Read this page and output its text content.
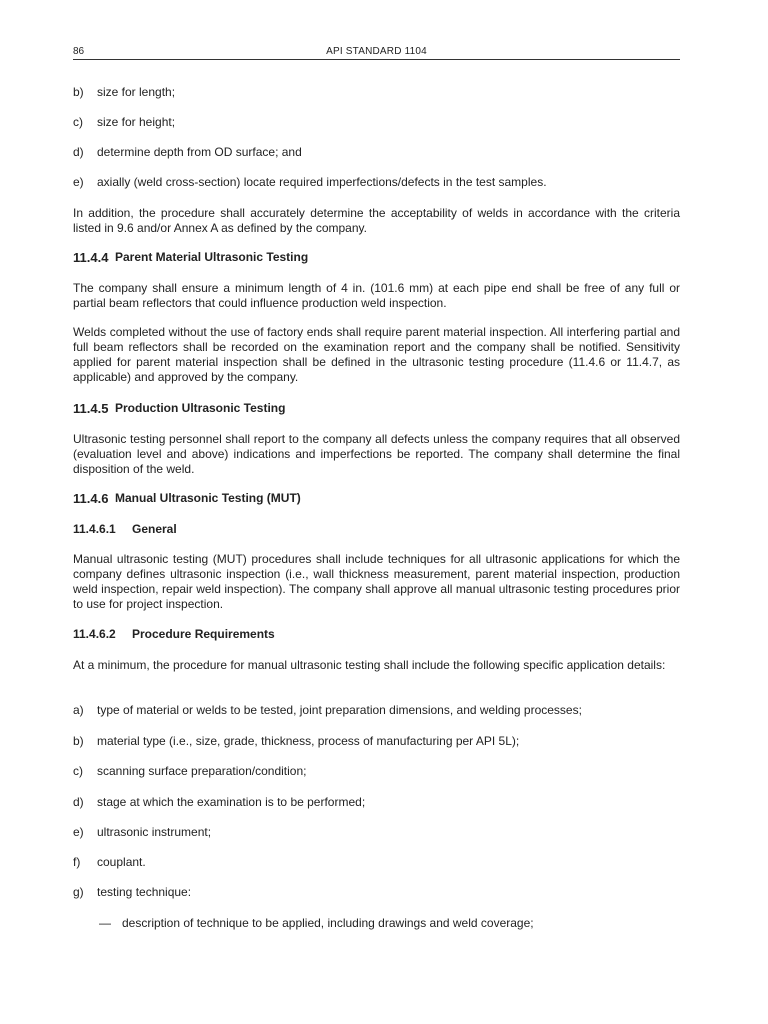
86	API STANDARD 1104
b) size for length;
c) size for height;
d) determine depth from OD surface; and
e) axially (weld cross-section) locate required imperfections/defects in the test samples.
In addition, the procedure shall accurately determine the acceptability of welds in accordance with the criteria listed in 9.6 and/or Annex A as defined by the company.
11.4.4 Parent Material Ultrasonic Testing
The company shall ensure a minimum length of 4 in. (101.6 mm) at each pipe end shall be free of any full or partial beam reflectors that could influence production weld inspection.
Welds completed without the use of factory ends shall require parent material inspection. All interfering partial and full beam reflectors shall be recorded on the examination report and the company shall be notified. Sensitivity applied for parent material inspection shall be defined in the ultrasonic testing procedure (11.4.6 or 11.4.7, as applicable) and approved by the company.
11.4.5 Production Ultrasonic Testing
Ultrasonic testing personnel shall report to the company all defects unless the company requires that all observed (evaluation level and above) indications and imperfections be reported. The company shall determine the final disposition of the weld.
11.4.6 Manual Ultrasonic Testing (MUT)
11.4.6.1 General
Manual ultrasonic testing (MUT) procedures shall include techniques for all ultrasonic applications for which the company defines ultrasonic inspection (i.e., wall thickness measurement, parent material inspection, production weld inspection, repair weld inspection). The company shall approve all manual ultrasonic testing procedures prior to use for project inspection.
11.4.6.2 Procedure Requirements
At a minimum, the procedure for manual ultrasonic testing shall include the following specific application details:
a) type of material or welds to be tested, joint preparation dimensions, and welding processes;
b) material type (i.e., size, grade, thickness, process of manufacturing per API 5L);
c) scanning surface preparation/condition;
d) stage at which the examination is to be performed;
e) ultrasonic instrument;
f) couplant.
g) testing technique:
— description of technique to be applied, including drawings and weld coverage;
